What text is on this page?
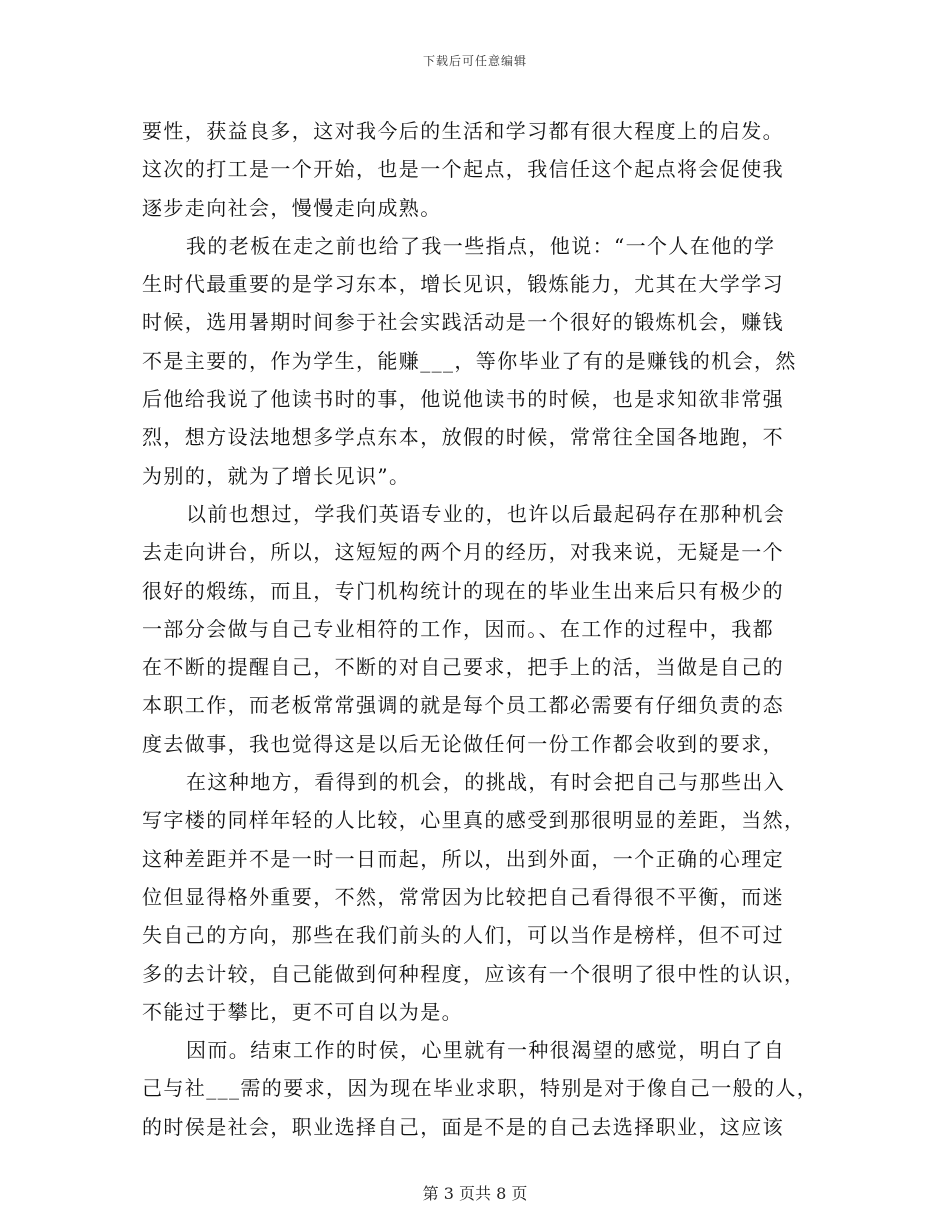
下载后可任意编辑
要性，获益良多，这对我今后的生活和学习都有很大程度上的启发。
这次的打工是一个开始，也是一个起点，我信任这个起点将会促使我
逐步走向社会，慢慢走向成熟。
我的老板在走之前也给了我一些指点，他说：“一个人在他的学
生时代最重要的是学习东本，增长见识，锻炼能力，尤其在大学学习
时候，选用暑期时间参于社会实践活动是一个很好的锻炼机会，赚钱
不是主要的，作为学生，能赚___，等你毕业了有的是赚钱的机会，然
后他给我说了他读书时的事，他说他读书的时候，也是求知欲非常强
烈，想方设法地想多学点东本，放假的时候，常常往全国各地跑，不
为别的，就为了增长见识”。
以前也想过，学我们英语专业的，也许以后最起码存在那种机会
去走向讲台，所以，这短短的两个月的经历，对我来说，无疑是一个
很好的煅练，而且，专门机构统计的现在的毕业生出来后只有极少的
一部分会做与自己专业相符的工作，因而。、在工作的过程中，我都
在不断的提醒自己，不断的对自己要求，把手上的活，当做是自己的
本职工作，而老板常常强调的就是每个员工都必需要有仔细负责的态
度去做事，我也觉得这是以后无论做任何一份工作都会收到的要求，
在这种地方，看得到的机会，的挑战，有时会把自己与那些出入
写字楼的同样年轻的人比较，心里真的感受到那很明显的差距，当然，
这种差距并不是一时一日而起，所以，出到外面，一个正确的心理定
位但显得格外重要，不然，常常因为比较把自己看得很不平衡，而迷
失自己的方向，那些在我们前头的人们，可以当作是榜样，但不可过
多的去计较，自己能做到何种程度，应该有一个很明了很中性的认识，
不能过于攀比，更不可自以为是。
因而。结束工作的时侯，心里就有一种很渴望的感觉，明白了自
己与社___需的要求，因为现在毕业求职，特别是对于像自己一般的人，
的时侯是社会，职业选择自己，面是不是的自己去选择职业，这应该
第 3 页共 8 页
